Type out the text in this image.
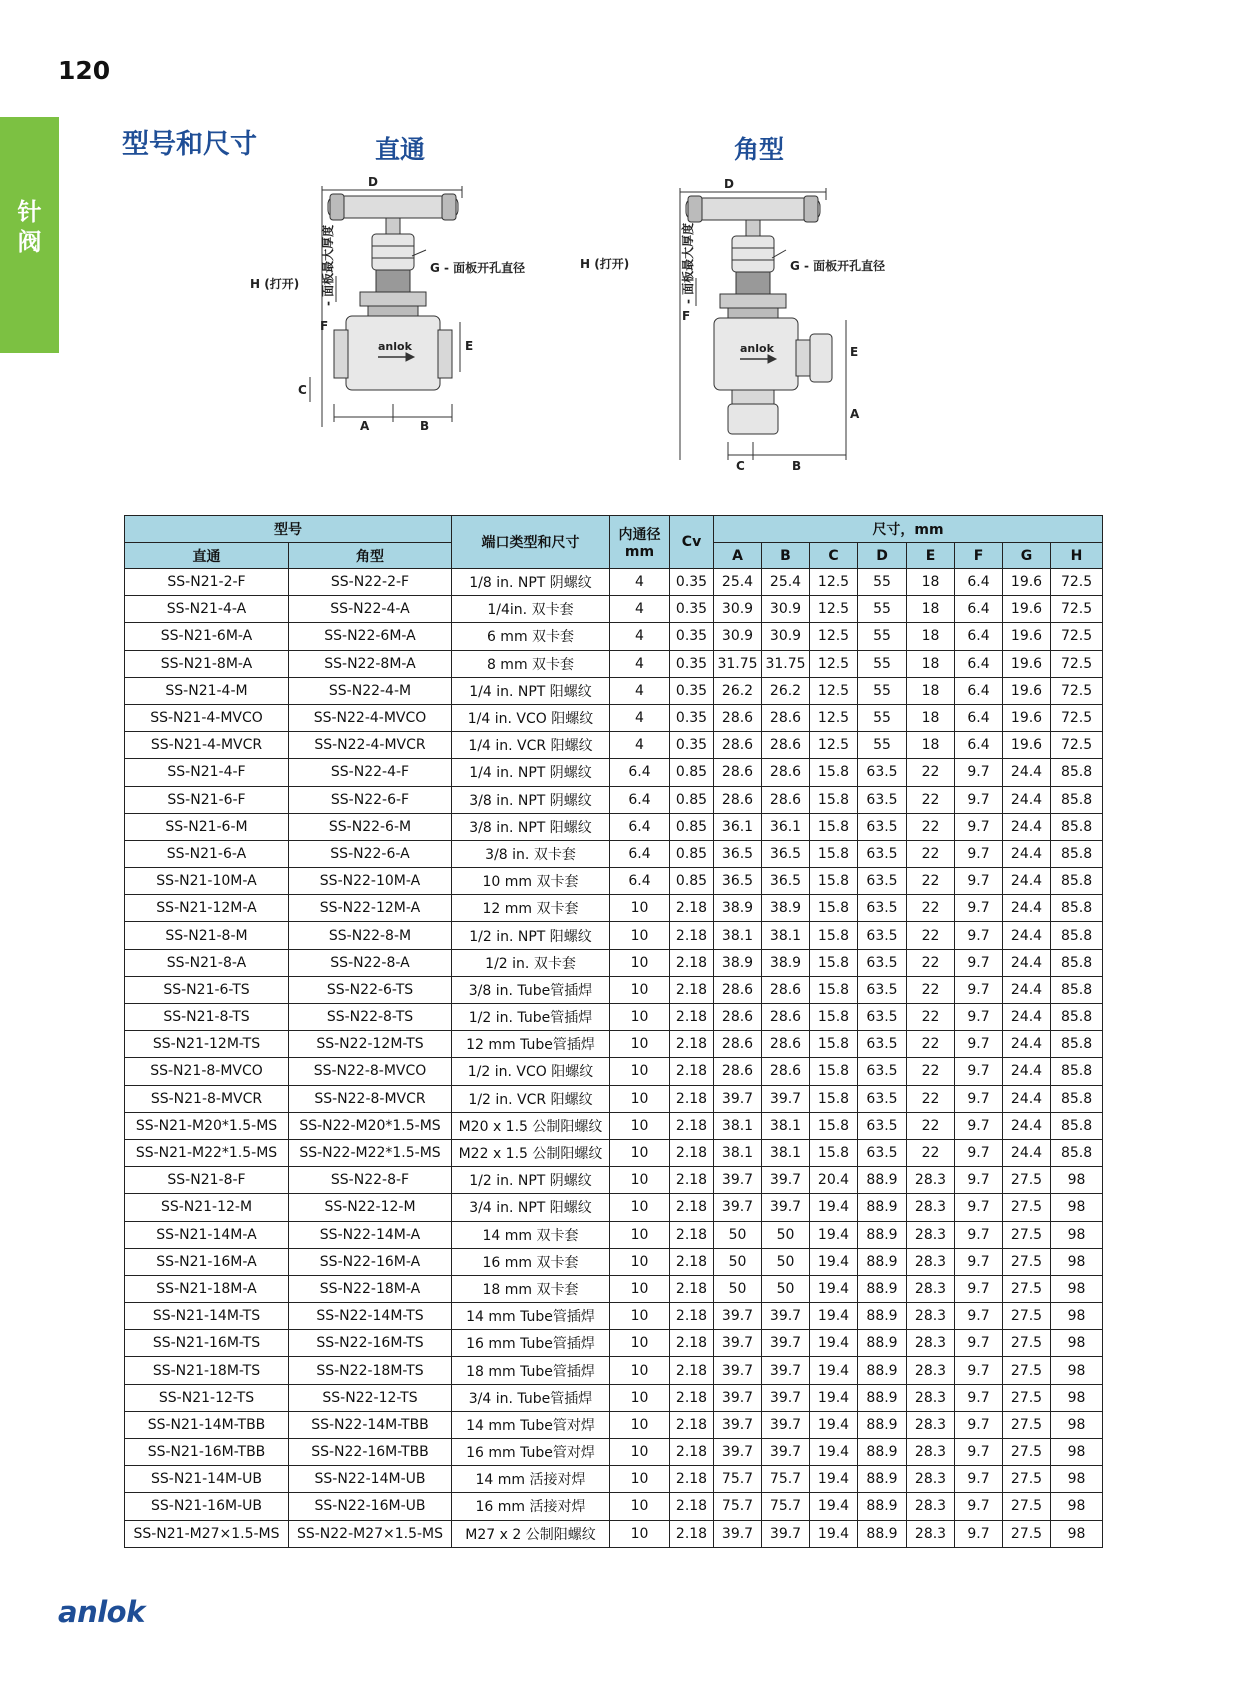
120
针
阀
型号和尺寸	直通	角型
D
H (打开)
G - 面板开孔直径
- 面板最大厚度
F
E
C
A	B
anlok
D
H (打开)	G - 面板开孔直径
- 面板最大厚度
F
E
A
C	B
anlok
型号		端口类型和尺寸	内通径
mm	Cv	尺寸，mm							
直通	角型				A	B	C	D	E	F	G	H
SS-N21-2-F	SS-N22-2-F	1/8 in. NPT 阴螺纹	4	0.35	25.4	25.4	12.5	55	18	6.4	19.6	72.5
SS-N21-4-A	SS-N22-4-A	1/4in. 双卡套	4	0.35	30.9	30.9	12.5	55	18	6.4	19.6	72.5
SS-N21-6M-A	SS-N22-6M-A	6 mm 双卡套	4	0.35	30.9	30.9	12.5	55	18	6.4	19.6	72.5
SS-N21-8M-A	SS-N22-8M-A	8 mm 双卡套	4	0.35	31.75	31.75	12.5	55	18	6.4	19.6	72.5
SS-N21-4-M	SS-N22-4-M	1/4 in. NPT 阳螺纹	4	0.35	26.2	26.2	12.5	55	18	6.4	19.6	72.5
SS-N21-4-MVCO	SS-N22-4-MVCO	1/4 in. VCO 阳螺纹	4	0.35	28.6	28.6	12.5	55	18	6.4	19.6	72.5
SS-N21-4-MVCR	SS-N22-4-MVCR	1/4 in. VCR 阳螺纹	4	0.35	28.6	28.6	12.5	55	18	6.4	19.6	72.5
SS-N21-4-F	SS-N22-4-F	1/4 in. NPT 阴螺纹	6.4	0.85	28.6	28.6	15.8	63.5	22	9.7	24.4	85.8
SS-N21-6-F	SS-N22-6-F	3/8 in. NPT 阴螺纹	6.4	0.85	28.6	28.6	15.8	63.5	22	9.7	24.4	85.8
SS-N21-6-M	SS-N22-6-M	3/8 in. NPT 阳螺纹	6.4	0.85	36.1	36.1	15.8	63.5	22	9.7	24.4	85.8
SS-N21-6-A	SS-N22-6-A	3/8 in. 双卡套	6.4	0.85	36.5	36.5	15.8	63.5	22	9.7	24.4	85.8
SS-N21-10M-A	SS-N22-10M-A	10 mm 双卡套	6.4	0.85	36.5	36.5	15.8	63.5	22	9.7	24.4	85.8
SS-N21-12M-A	SS-N22-12M-A	12 mm 双卡套	10	2.18	38.9	38.9	15.8	63.5	22	9.7	24.4	85.8
SS-N21-8-M	SS-N22-8-M	1/2 in. NPT 阳螺纹	10	2.18	38.1	38.1	15.8	63.5	22	9.7	24.4	85.8
SS-N21-8-A	SS-N22-8-A	1/2 in. 双卡套	10	2.18	38.9	38.9	15.8	63.5	22	9.7	24.4	85.8
SS-N21-6-TS	SS-N22-6-TS	3/8 in. Tube管插焊	10	2.18	28.6	28.6	15.8	63.5	22	9.7	24.4	85.8
SS-N21-8-TS	SS-N22-8-TS	1/2 in. Tube管插焊	10	2.18	28.6	28.6	15.8	63.5	22	9.7	24.4	85.8
SS-N21-12M-TS	SS-N22-12M-TS	12 mm Tube管插焊	10	2.18	28.6	28.6	15.8	63.5	22	9.7	24.4	85.8
SS-N21-8-MVCO	SS-N22-8-MVCO	1/2 in. VCO 阳螺纹	10	2.18	28.6	28.6	15.8	63.5	22	9.7	24.4	85.8
SS-N21-8-MVCR	SS-N22-8-MVCR	1/2 in. VCR 阳螺纹	10	2.18	39.7	39.7	15.8	63.5	22	9.7	24.4	85.8
SS-N21-M20*1.5-MS	SS-N22-M20*1.5-MS	M20 x 1.5 公制阳螺纹	10	2.18	38.1	38.1	15.8	63.5	22	9.7	24.4	85.8
SS-N21-M22*1.5-MS	SS-N22-M22*1.5-MS	M22 x 1.5 公制阳螺纹	10	2.18	38.1	38.1	15.8	63.5	22	9.7	24.4	85.8
SS-N21-8-F	SS-N22-8-F	1/2 in. NPT 阴螺纹	10	2.18	39.7	39.7	20.4	88.9	28.3	9.7	27.5	98
SS-N21-12-M	SS-N22-12-M	3/4 in. NPT 阳螺纹	10	2.18	39.7	39.7	19.4	88.9	28.3	9.7	27.5	98
SS-N21-14M-A	SS-N22-14M-A	14 mm 双卡套	10	2.18	50	50	19.4	88.9	28.3	9.7	27.5	98
SS-N21-16M-A	SS-N22-16M-A	16 mm 双卡套	10	2.18	50	50	19.4	88.9	28.3	9.7	27.5	98
SS-N21-18M-A	SS-N22-18M-A	18 mm 双卡套	10	2.18	50	50	19.4	88.9	28.3	9.7	27.5	98
SS-N21-14M-TS	SS-N22-14M-TS	14 mm Tube管插焊	10	2.18	39.7	39.7	19.4	88.9	28.3	9.7	27.5	98
SS-N21-16M-TS	SS-N22-16M-TS	16 mm Tube管插焊	10	2.18	39.7	39.7	19.4	88.9	28.3	9.7	27.5	98
SS-N21-18M-TS	SS-N22-18M-TS	18 mm Tube管插焊	10	2.18	39.7	39.7	19.4	88.9	28.3	9.7	27.5	98
SS-N21-12-TS	SS-N22-12-TS	3/4 in. Tube管插焊	10	2.18	39.7	39.7	19.4	88.9	28.3	9.7	27.5	98
SS-N21-14M-TBB	SS-N22-14M-TBB	14 mm Tube管对焊	10	2.18	39.7	39.7	19.4	88.9	28.3	9.7	27.5	98
SS-N21-16M-TBB	SS-N22-16M-TBB	16 mm Tube管对焊	10	2.18	39.7	39.7	19.4	88.9	28.3	9.7	27.5	98
SS-N21-14M-UB	SS-N22-14M-UB	14 mm 活接对焊	10	2.18	75.7	75.7	19.4	88.9	28.3	9.7	27.5	98
SS-N21-16M-UB	SS-N22-16M-UB	16 mm 活接对焊	10	2.18	75.7	75.7	19.4	88.9	28.3	9.7	27.5	98
SS-N21-M27×1.5-MS	SS-N22-M27×1.5-MS	M27 x 2 公制阳螺纹	10	2.18	39.7	39.7	19.4	88.9	28.3	9.7	27.5	98
anlok
